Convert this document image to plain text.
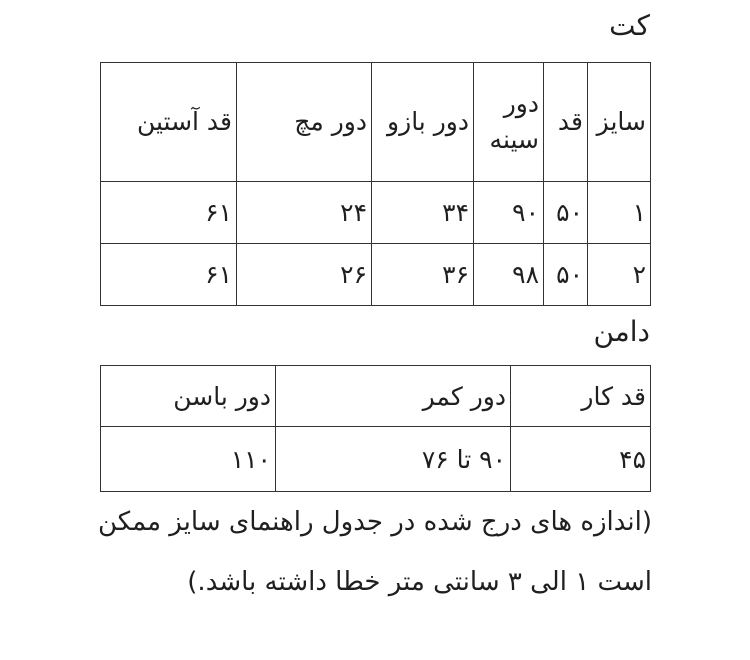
کت
سایز	قد	دور سینه	دور بازو	دور مچ	قد آستین
۱	۵۰	۹۰	۳۴	۲۴	۶۱
۲	۵۰	۹۸	۳۶	۲۶	۶۱
دامن
قد کار	دور کمر	دور باسن
۴۵	۹۰ تا ۷۶	۱۱۰
(اندازه های درج شده در جدول راهنمای سایز ممکن است ۱ الی ۳ سانتی متر خطا داشته باشد.)
